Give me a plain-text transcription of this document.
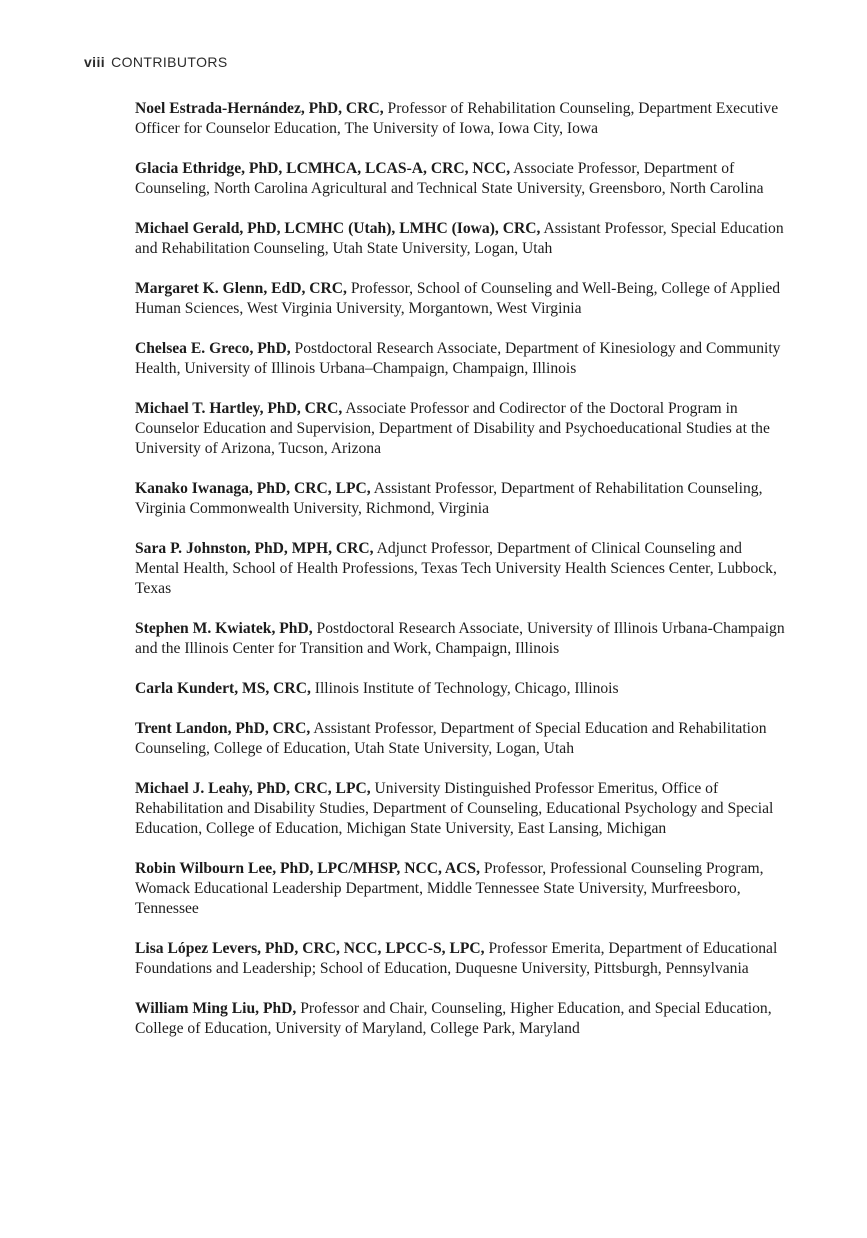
viii CONTRIBUTORS

Noel Estrada-Hernández, PhD, CRC, Professor of Rehabilitation Counseling, Department Executive Officer for Counselor Education, The University of Iowa, Iowa City, Iowa

Glacia Ethridge, PhD, LCMHCA, LCAS-A, CRC, NCC, Associate Professor, Department of Counseling, North Carolina Agricultural and Technical State University, Greensboro, North Carolina

Michael Gerald, PhD, LCMHC (Utah), LMHC (Iowa), CRC, Assistant Professor, Special Education and Rehabilitation Counseling, Utah State University, Logan, Utah

Margaret K. Glenn, EdD, CRC, Professor, School of Counseling and Well-Being, College of Applied Human Sciences, West Virginia University, Morgantown, West Virginia

Chelsea E. Greco, PhD, Postdoctoral Research Associate, Department of Kinesiology and Community Health, University of Illinois Urbana–Champaign, Champaign, Illinois

Michael T. Hartley, PhD, CRC, Associate Professor and Codirector of the Doctoral Program in Counselor Education and Supervision, Department of Disability and Psychoeducational Studies at the University of Arizona, Tucson, Arizona

Kanako Iwanaga, PhD, CRC, LPC, Assistant Professor, Department of Rehabilitation Counseling, Virginia Commonwealth University, Richmond, Virginia

Sara P. Johnston, PhD, MPH, CRC, Adjunct Professor, Department of Clinical Counseling and Mental Health, School of Health Professions, Texas Tech University Health Sciences Center, Lubbock, Texas

Stephen M. Kwiatek, PhD, Postdoctoral Research Associate, University of Illinois Urbana-Champaign and the Illinois Center for Transition and Work, Champaign, Illinois

Carla Kundert, MS, CRC, Illinois Institute of Technology, Chicago, Illinois

Trent Landon, PhD, CRC, Assistant Professor, Department of Special Education and Rehabilitation Counseling, College of Education, Utah State University, Logan, Utah

Michael J. Leahy, PhD, CRC, LPC, University Distinguished Professor Emeritus, Office of Rehabilitation and Disability Studies, Department of Counseling, Educational Psychology and Special Education, College of Education, Michigan State University, East Lansing, Michigan

Robin Wilbourn Lee, PhD, LPC/MHSP, NCC, ACS, Professor, Professional Counseling Program, Womack Educational Leadership Department, Middle Tennessee State University, Murfreesboro, Tennessee

Lisa López Levers, PhD, CRC, NCC, LPCC-S, LPC, Professor Emerita, Department of Educational Foundations and Leadership; School of Education, Duquesne University, Pittsburgh, Pennsylvania

William Ming Liu, PhD, Professor and Chair, Counseling, Higher Education, and Special Education, College of Education, University of Maryland, College Park, Maryland
